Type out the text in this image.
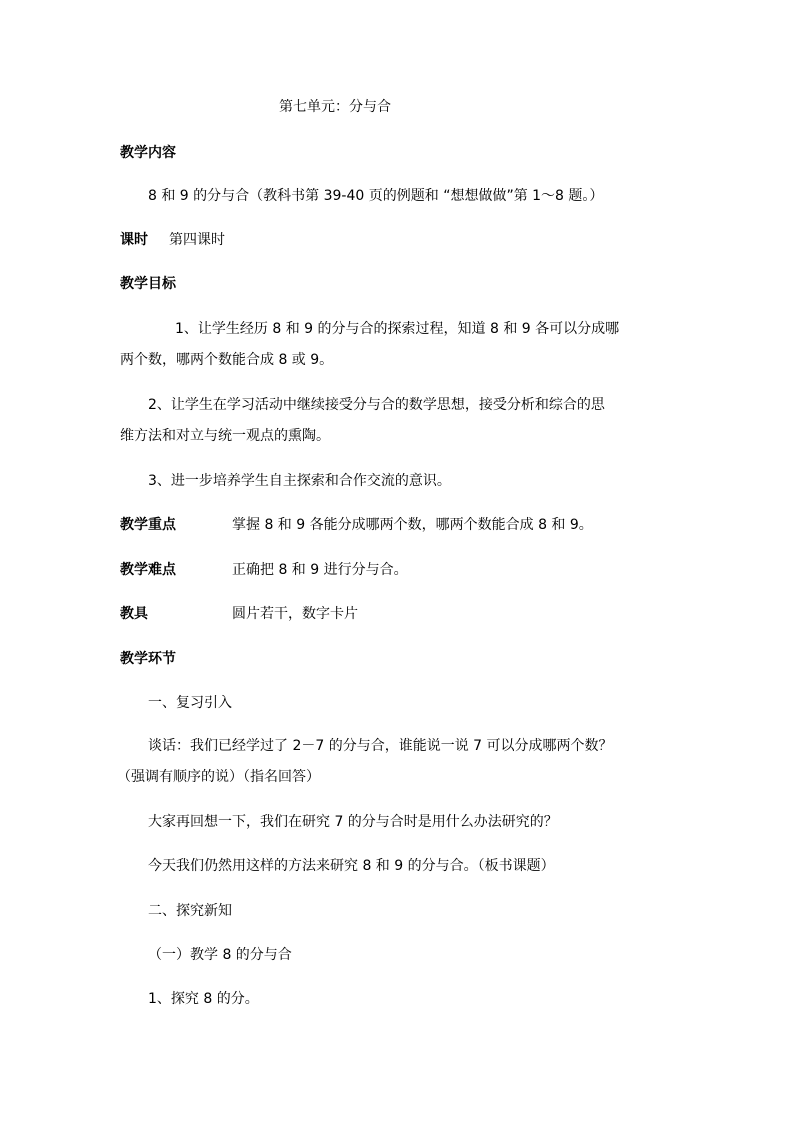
第七单元：分与合
教学内容
8 和 9 的分与合（教科书第 39-40 页的例题和 “想想做做”第 1～8 题。）
课时 第四课时
教学目标
1、让学生经历 8 和 9 的分与合的探索过程，知道 8 和 9 各可以分成哪
两个数，哪两个数能合成 8 或 9。
2、让学生在学习活动中继续接受分与合的数学思想，接受分析和综合的思
维方法和对立与统一观点的熏陶。
3、进一步培养学生自主探索和合作交流的意识。
教学重点	掌握 8 和 9 各能分成哪两个数，哪两个数能合成 8 和 9。
教学难点	正确把 8 和 9 进行分与合。
教具	圆片若干，数字卡片
教学环节
一、复习引入
谈话：我们已经学过了 2－7 的分与合，谁能说一说 7 可以分成哪两个数？
（强调有顺序的说）（指名回答）
大家再回想一下，我们在研究 7 的分与合时是用什么办法研究的？
今天我们仍然用这样的方法来研究 8 和 9 的分与合。（板书课题）
二、探究新知
（一）教学 8 的分与合
1、探究 8 的分。
